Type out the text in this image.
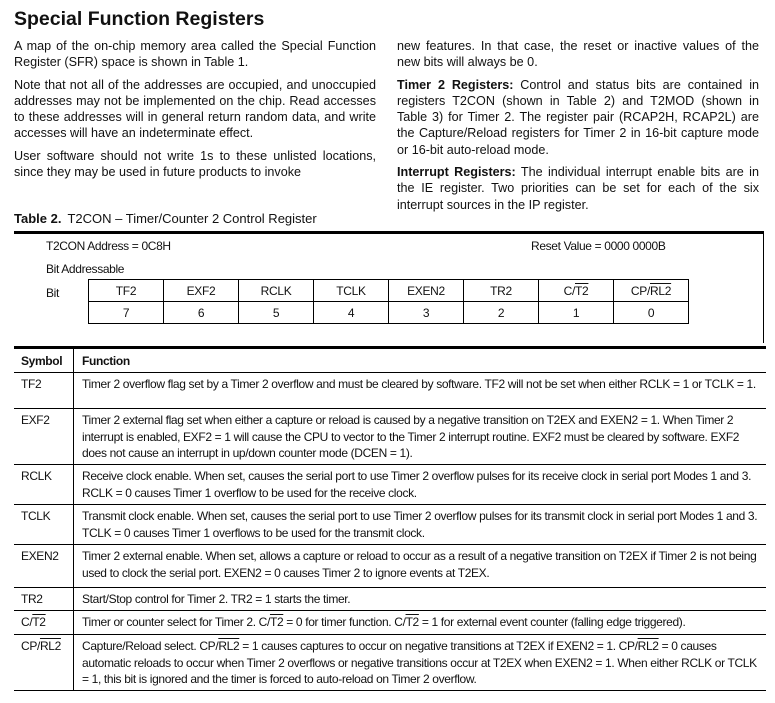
Special Function Registers

A map of the on-chip memory area called the Special Function Register (SFR) space is shown in Table 1.

Note that not all of the addresses are occupied, and unoccupied addresses may not be implemented on the chip. Read accesses to these addresses will in general return random data, and write accesses will have an indeterminate effect.

User software should not write 1s to these unlisted locations, since they may be used in future products to invoke

new features. In that case, the reset or inactive values of the new bits will always be 0.

Timer 2 Registers: Control and status bits are contained in registers T2CON (shown in Table 2) and T2MOD (shown in Table 3) for Timer 2. The register pair (RCAP2H, RCAP2L) are the Capture/Reload registers for Timer 2 in 16-bit capture mode or 16-bit auto-reload mode.

Interrupt Registers: The individual interrupt enable bits are in the IE register. Two priorities can be set for each of the six interrupt sources in the IP register.

Table 2. T2CON – Timer/Counter 2 Control Register
T2CON Address = 0C8H	Reset Value = 0000 0000B
Bit Addressable
Bit	TF2	EXF2	RCLK	TCLK	EXEN2	TR2	C/T2	CP/RL2
7	6	5	4	3	2	1	0
Symbol	Function
TF2	Timer 2 overflow flag set by a Timer 2 overflow and must be cleared by software. TF2 will not be set when either RCLK = 1 or TCLK = 1.
EXF2	Timer 2 external flag set when either a capture or reload is caused by a negative transition on T2EX and EXEN2 = 1. When Timer 2 interrupt is enabled, EXF2 = 1 will cause the CPU to vector to the Timer 2 interrupt routine. EXF2 must be cleared by software. EXF2 does not cause an interrupt in up/down counter mode (DCEN = 1).
RCLK	Receive clock enable. When set, causes the serial port to use Timer 2 overflow pulses for its receive clock in serial port Modes 1 and 3. RCLK = 0 causes Timer 1 overflow to be used for the receive clock.
TCLK	Transmit clock enable. When set, causes the serial port to use Timer 2 overflow pulses for its transmit clock in serial port Modes 1 and 3. TCLK = 0 causes Timer 1 overflows to be used for the transmit clock.
EXEN2	Timer 2 external enable. When set, allows a capture or reload to occur as a result of a negative transition on T2EX if Timer 2 is not being used to clock the serial port. EXEN2 = 0 causes Timer 2 to ignore events at T2EX.
TR2	Start/Stop control for Timer 2. TR2 = 1 starts the timer.
C/T2	Timer or counter select for Timer 2. C/T2 = 0 for timer function. C/T2 = 1 for external event counter (falling edge triggered).
CP/RL2	Capture/Reload select. CP/RL2 = 1 causes captures to occur on negative transitions at T2EX if EXEN2 = 1. CP/RL2 = 0 causes automatic reloads to occur when Timer 2 overflows or negative transitions occur at T2EX when EXEN2 = 1. When either RCLK or TCLK = 1, this bit is ignored and the timer is forced to auto-reload on Timer 2 overflow.
